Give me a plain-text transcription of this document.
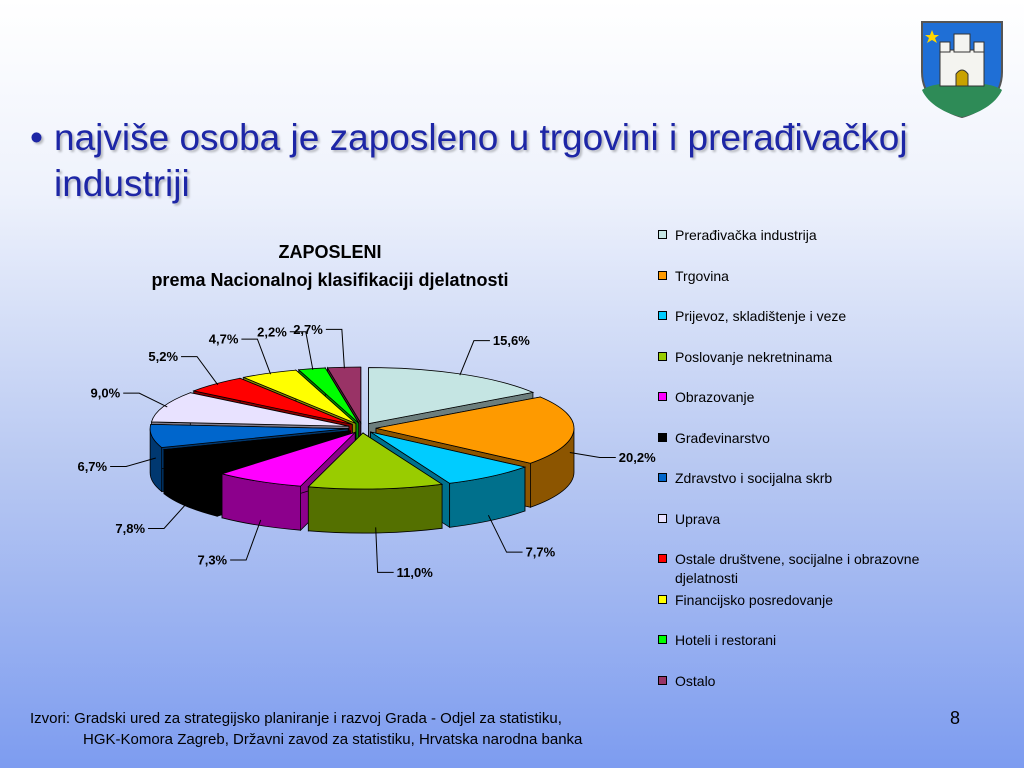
• najviše osoba je zaposleno u trgovini i prerađivačkoj industriji
ZAPOSLENI
prema Nacionalnoj klasifikaciji djelatnosti
15,6%
20,2%
7,7%
11,0%
7,3%
7,8%
6,7%
9,0%
5,2%
4,7% 2,2% 2,7%
Prerađivačka industrija
Trgovina
Prijevoz, skladištenje i veze
Poslovanje nekretninama
Obrazovanje
Građevinarstvo
Zdravstvo i socijalna skrb
Uprava
Ostale društvene, socijalne i obrazovne djelatnosti
Financijsko posredovanje
Hoteli i restorani
Ostalo
Izvori: Gradski ured za strategijsko planiranje i razvoj Grada - Odjel za statistiku,
HGK-Komora Zagreb, Državni zavod za statistiku, Hrvatska narodna banka
8
